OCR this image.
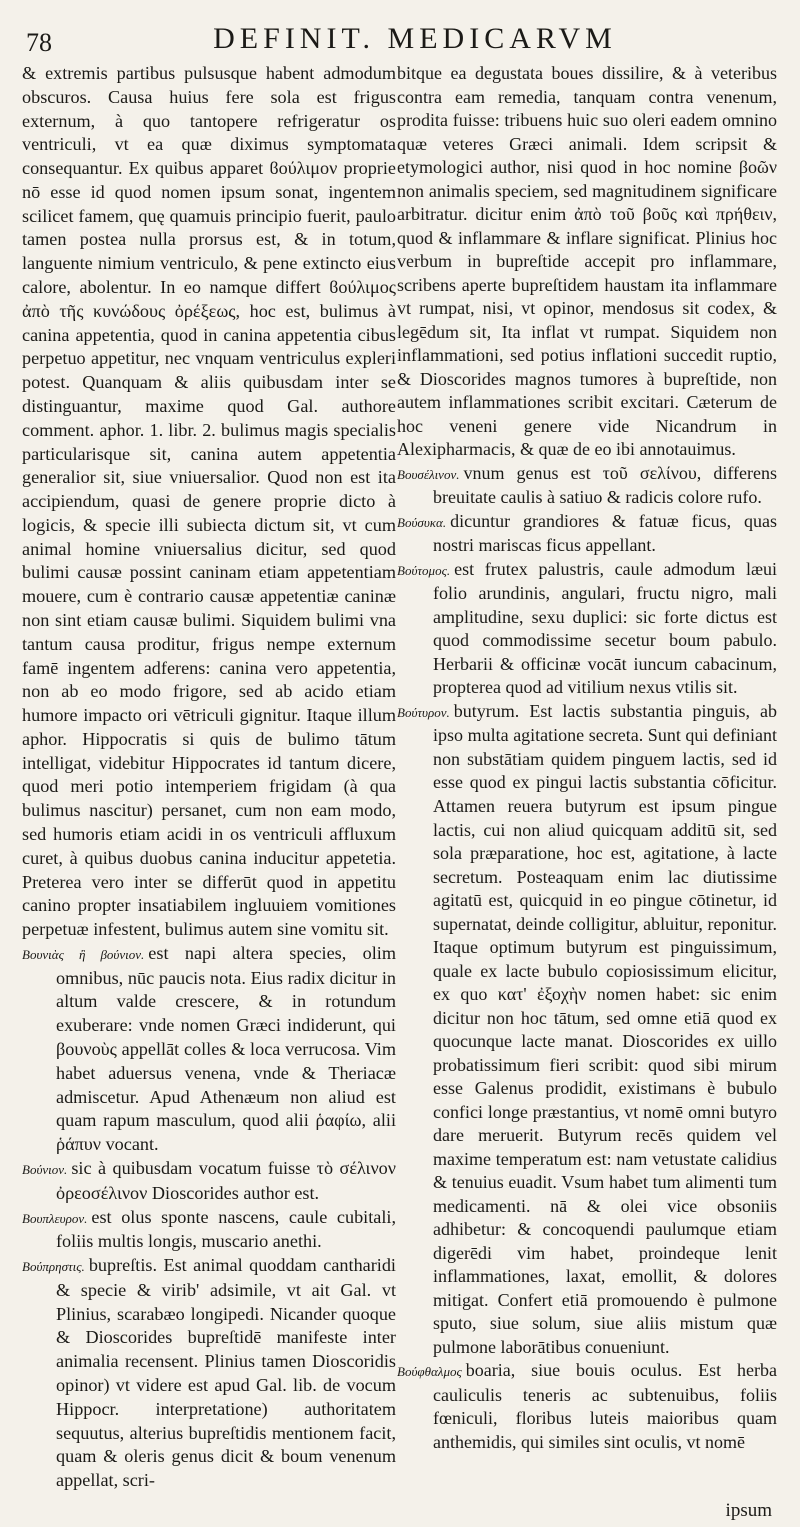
78	DEFINIT. MEDICARVM

& extremis partibus pulsusque habent admodum obscuros. Causa huius fere sola est frigus externum, à quo tantopere refrigeratur os ventriculi, vt ea quæ diximus symptomata consequantur. Ex quibus apparet ϐούλιμον proprie nō esse id quod nomen ipsum sonat, ingentem scilicet famem, quę quamuis principio fuerit, paulo tamen postea nulla prorsus est, & in totum, languente nimium ventriculo, & pene extincto eius calore, abolentur. In eo namque differt ϐούλιμος ἀπὸ τῆς κυνώδους ὀρέξεως, hoc est, bulimus à canina appetentia, quod in canina appetentia cibus perpetuo appetitur, nec vnquam ventriculus expleri potest. Quanquam & aliis quibusdam inter se distinguantur, maxime quod Gal. authore comment. aphor. 1. libr. 2. bulimus magis specialis particularisque sit, canina autem appetentia generalior sit, siue vniuersalior. Quod non est ita accipiendum, quasi de genere proprie dicto à logicis, & specie illi subiecta dictum sit, vt cum animal homine vniuersalius dicitur, sed quod bulimi causæ possint caninam etiam appetentiam mouere, cum è contrario causæ appetentiæ caninæ non sint etiam causæ bulimi. Siquidem bulimi vna tantum causa proditur, frigus nempe externum famē ingentem adferens: canina vero appetentia, non ab eo modo frigore, sed ab acido etiam humore impacto ori vētriculi gignitur. Itaque illum aphor. Hippocratis si quis de bulimo tātum intelligat, videbitur Hippocrates id tantum dicere, quod meri potio intemperiem frigidam (à qua bulimus nascitur) persanet, cum non eam modo, sed humoris etiam acidi in os ventriculi affluxum curet, à quibus duobus canina inducitur appetetia. Preterea vero inter se differūt quod in appetitu canino propter insatiabilem ingluuiem vomitiones perpetuæ infestent, bulimus autem sine vomitu sit.

Βουνιὰς ἢ βούνιον. est napi altera species, olim omnibus, nūc paucis nota. Eius radix dicitur in altum valde crescere, & in rotundum exuberare: vnde nomen Græci indiderunt, qui βουνοὺς appellāt colles & loca verrucosa. Vim habet aduersus venena, vnde & Theriacæ admiscetur. Apud Athenæum non aliud est quam rapum masculum, quod alii ῥαφίω, alii ῥάπυν vocant.

Βούνιον. sic à quibusdam vocatum fuisse τὸ σέλινον ὀρεοσέλινον Dioscorides author est.

Βουπλευρον. est olus sponte nascens, caule cubitali, foliis multis longis, muscario anethi.

Βούπρηστις. bupreſtis. Est animal quoddam cantharidi & specie & virib' adsimile, vt ait Gal. vt Plinius, scarabæo longipedi. Nicander quoque & Dioscorides bupreſtidē manifeste inter animalia recensent. Plinius tamen Dioscoridis opinor) vt videre est apud Gal. lib. de vocum Hippocr. interpretatione) authoritatem sequutus, alterius bupreſtidis mentionem facit, quam & oleris genus dicit & boum venenum appellat, scri-

bitque ea degustata boues dissilire, & à veteribus contra eam remedia, tanquam contra venenum, prodita fuisse: tribuens huic suo oleri eadem omnino quæ veteres Græci animali. Idem scripsit & etymologici author, nisi quod in hoc nomine βοῶν non animalis speciem, sed magnitudinem significare arbitratur. dicitur enim ἀπὸ τοῦ βοῦς καὶ πρήθειν, quod & inflammare & inflare significat. Plinius hoc verbum in bupreſtide accepit pro inflammare, scribens aperte bupreſtidem haustam ita inflammare vt rumpat, nisi, vt opinor, mendosus sit codex, & legēdum sit, Ita inflat vt rumpat. Siquidem non inflammationi, sed potius inflationi succedit ruptio, & Dioscorides magnos tumores à bupreſtide, non autem inflammationes scribit excitari. Cæterum de hoc veneni genere vide Nicandrum in Alexipharmacis, & quæ de eo ibi annotauimus.

Βουσέλινον. vnum genus est τοῦ σελίνου, differens breuitate caulis à satiuo & radicis colore rufo.

Βούσυκα. dicuntur grandiores & fatuæ ficus, quas nostri mariscas ficus appellant.

Βούτομος. est frutex palustris, caule admodum læui folio arundinis, angulari, fructu nigro, mali amplitudine, sexu duplici: sic forte dictus est quod commodissime secetur boum pabulo. Herbarii & officinæ vocāt iuncum cabacinum, propterea quod ad vitilium nexus vtilis sit.

Βούτυρον. butyrum. Est lactis substantia pinguis, ab ipso multa agitatione secreta. Sunt qui definiant non substātiam quidem pinguem lactis, sed id esse quod ex pingui lactis substantia cōficitur. Attamen reuera butyrum est ipsum pingue lactis, cui non aliud quicquam additū sit, sed sola præparatione, hoc est, agitatione, à lacte secretum. Posteaquam enim lac diutissime agitatū est, quicquid in eo pingue cōtinetur, id supernatat, deinde colligitur, abluitur, reponitur. Itaque optimum butyrum est pinguissimum, quale ex lacte bubulo copiosissimum elicitur, ex quo κατ' ἐξοχὴν nomen habet: sic enim dicitur non hoc tātum, sed omne etiā quod ex quocunque lacte manat. Dioscorides ex uillo probatissimum fieri scribit: quod sibi mirum esse Galenus prodidit, existimans è bubulo confici longe præstantius, vt nomē omni butyro dare meruerit. Butyrum recēs quidem vel maxime temperatum est: nam vetustate calidius & tenuius euadit. Vsum habet tum alimenti tum medicamenti. nā & olei vice obsoniis adhibetur: & concoquendi paulumque etiam digerēdi vim habet, proindeque lenit inflammationes, laxat, emollit, & dolores mitigat. Confert etiā promouendo è pulmone sputo, siue solum, siue aliis mistum quæ pulmone laborātibus conueniunt.

Βούφθαλμος boaria, siue bouis oculus. Est herba cauliculis teneris ac subtenuibus, foliis fœniculi, floribus luteis maioribus quam anthemidis, qui similes sint oculis, vt nomē

ipsum
